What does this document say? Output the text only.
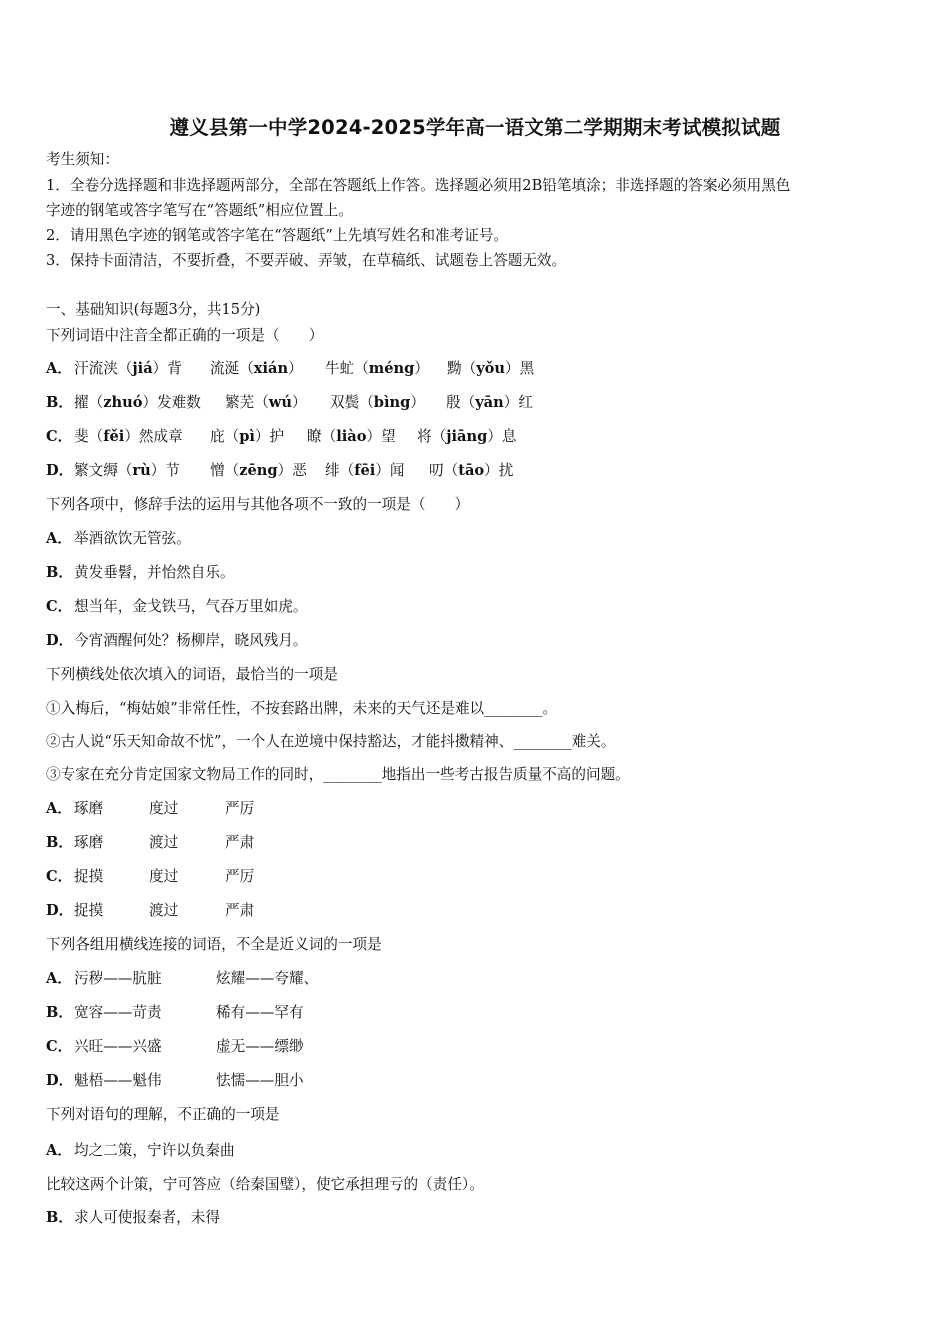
遵义县第一中学2024-2025学年高一语文第二学期期末考试模拟试题
考生须知：
1．全卷分选择题和非选择题两部分，全部在答题纸上作答。选择题必须用2B铅笔填涂；非选择题的答案必须用黑色
字迹的钢笔或答字笔写在“答题纸”相应位置上。
2．请用黑色字迹的钢笔或答字笔在“答题纸”上先填写姓名和准考证号。
3．保持卡面清洁，不要折叠，不要弄破、弄皱，在草稿纸、试题卷上答题无效。
一、基础知识(每题3分，共15分)
下列词语中注音全都正确的一项是（　　）
A． 汗流浃（jiá）背 流涎（xián） 牛虻（méng） 黝（yǒu）黑
B．擢（zhuó）发难数 繁芜（wú） 双鬓（bìng） 殷（yān）红
C． 斐（fěi）然成章 庇（pì）护 瞭（liào）望 将（jiāng）息
D．繁文缛（rù）节 憎（zēng）恶 绯（fēi）闻 叨（tāo）扰
下列各项中，修辞手法的运用与其他各项不一致的一项是（　　）
A． 举酒欲饮无管弦。
B．黄发垂髫，并怡然自乐。
C． 想当年，金戈铁马，气吞万里如虎。
D．今宵酒醒何处？杨柳岸，晓风残月。
下列横线处依次填入的词语，最恰当的一项是
①入梅后，“梅姑娘”非常任性，不按套路出牌，未来的天气还是难以________。
②古人说“乐天知命故不忧”，一个人在逆境中保持豁达，才能抖擞精神、________难关。
③专家在充分肯定国家文物局工作的同时，________地指出一些考古报告质量不高的问题。
A． 琢磨	度过	严厉
B．琢磨	渡过	严肃
C． 捉摸	度过	严厉
D．捉摸	渡过	严肃
下列各组用横线连接的词语，不全是近义词的一项是
A． 污秽——肮脏	炫耀——夸耀、
B．宽容——苛责	稀有——罕有
C． 兴旺——兴盛	虚无——缥缈
D．魁梧——魁伟	怯懦——胆小
下列对语句的理解，不正确的一项是
A． 均之二策，宁许以负秦曲
比较这两个计策，宁可答应（给秦国璧），使它承担理亏的（责任）。
B．求人可使报秦者，未得
